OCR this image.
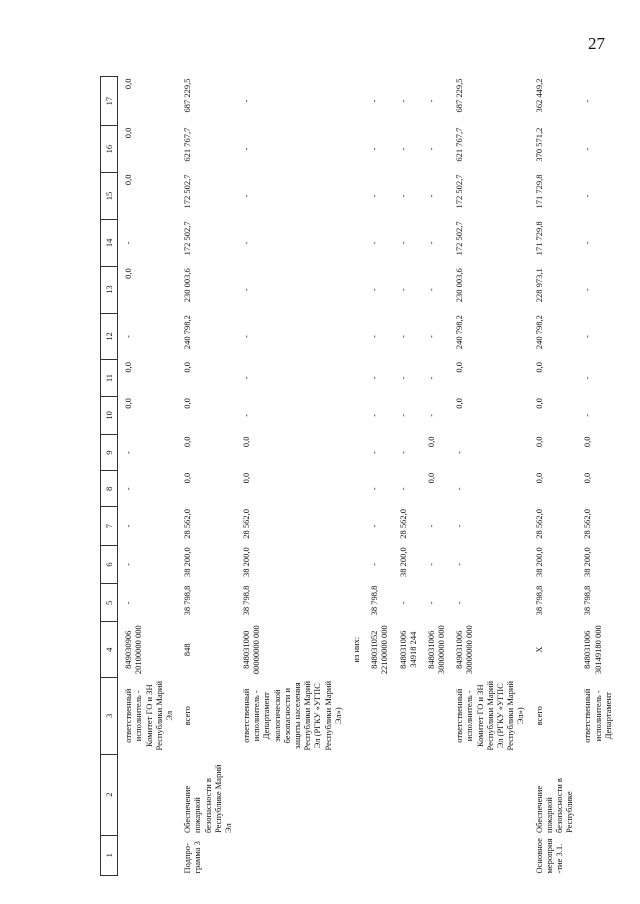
27
1	2	3	4	5	6	7	8	9	10	11	12	13	14	15	16	17
		ответственный исполнитель - Комитет ГО и ЗН Республики Марий Эл	849030906 20100000 000	-	-	-	-	-	0,0	0,0	-	0,0	-	0,0	0,0	0,0
Подпро-грамма 3	Обеспечение пожарной безопасности в Республике Марий Эл	всего	848	38 798,8	38 200,0	28 562,0	0,0	0,0	0,0	0,0	240 798,2	230 003,6	172 502,7	172 502,7	621 767,7	687 229,5
		ответственный исполнитель - Департамент экологической безопасности и защиты населения Республики Марий Эл (РГКУ «УГПС Республики Марий Эл»)	848031000 00000000 000	38 798,8	38 200,0	28 562,0	0,0	0,0	-	-	-	-	-	-	-	-
			из них:													
			848031052 22100000 000	38 798,8	-	-	-	-	-	-	-	-	-	-	-	-
			848031006 34918 244	-	38 200,0	28 562,0	-	-	-	-	-	-	-	-	-	-
			848031006 30000000 000	-	-	-	0,0	0,0	-	-	-	-	-	-	-	-
		ответственный исполнитель - Комитет ГО и ЗН Республики Марий Эл (РГКУ «УГПС Республики Марий Эл»)	849031006 30000000 000	-	-	-	-	-	0,0	0,0	240 798,2	230 003,6	172 502,7	172 502,7	621 767,7	687 229,5
Основное мероприя-тие 3.1.	Обеспечение пожарной безопасности в Республике	всего	X	38 798,8	38 200,0	28 562,0	0,0	0,0	0,0	0,0	240 798,2	228 973,1	171 729,8	171 729,8	370 571,2	362 449,2
		ответственный исполнитель - Департамент	848031006 30149180 000	38 798,8	38 200,0	28 562,0	0,0	0,0	-	-	-	-	-	-	-	-
